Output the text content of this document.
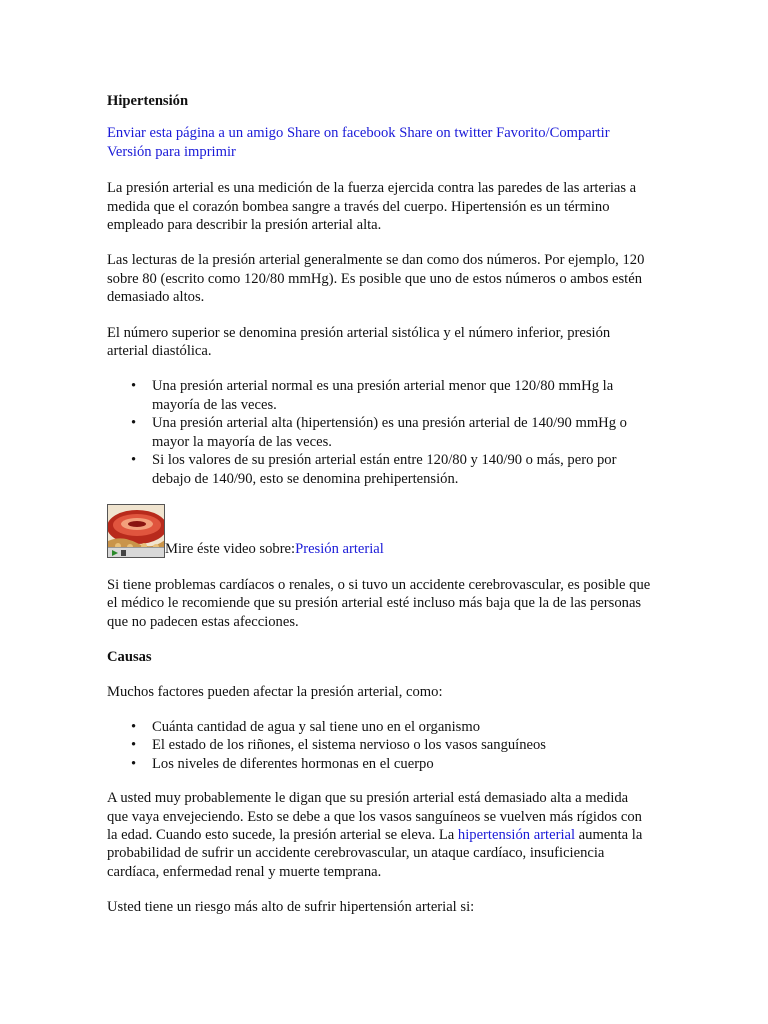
Hipertensión

Enviar esta página a un amigo Share on facebook Share on twitter Favorito/Compartir Versión para imprimir

La presión arterial es una medición de la fuerza ejercida contra las paredes de las arterias a medida que el corazón bombea sangre a través del cuerpo. Hipertensión es un término empleado para describir la presión arterial alta.

Las lecturas de la presión arterial generalmente se dan como dos números. Por ejemplo, 120 sobre 80 (escrito como 120/80 mmHg). Es posible que uno de estos números o ambos estén demasiado altos.

El número superior se denomina presión arterial sistólica y el número inferior, presión arterial diastólica.

• Una presión arterial normal es una presión arterial menor que 120/80 mmHg la mayoría de las veces.
• Una presión arterial alta (hipertensión) es una presión arterial de 140/90 mmHg o mayor la mayoría de las veces.
• Si los valores de su presión arterial están entre 120/80 y 140/90 o más, pero por debajo de 140/90, esto se denomina prehipertensión.
Mire éste video sobre:Presión arterial

Si tiene problemas cardíacos o renales, o si tuvo un accidente cerebrovascular, es posible que el médico le recomiende que su presión arterial esté incluso más baja que la de las personas que no padecen estas afecciones.

Causas

Muchos factores pueden afectar la presión arterial, como:

• Cuánta cantidad de agua y sal tiene uno en el organismo
• El estado de los riñones, el sistema nervioso o los vasos sanguíneos
• Los niveles de diferentes hormonas en el cuerpo

A usted muy probablemente le digan que su presión arterial está demasiado alta a medida que vaya envejeciendo. Esto se debe a que los vasos sanguíneos se vuelven más rígidos con la edad. Cuando esto sucede, la presión arterial se eleva. La hipertensión arterial aumenta la probabilidad de sufrir un accidente cerebrovascular, un ataque cardíaco, insuficiencia cardíaca, enfermedad renal y muerte temprana.

Usted tiene un riesgo más alto de sufrir hipertensión arterial si:
